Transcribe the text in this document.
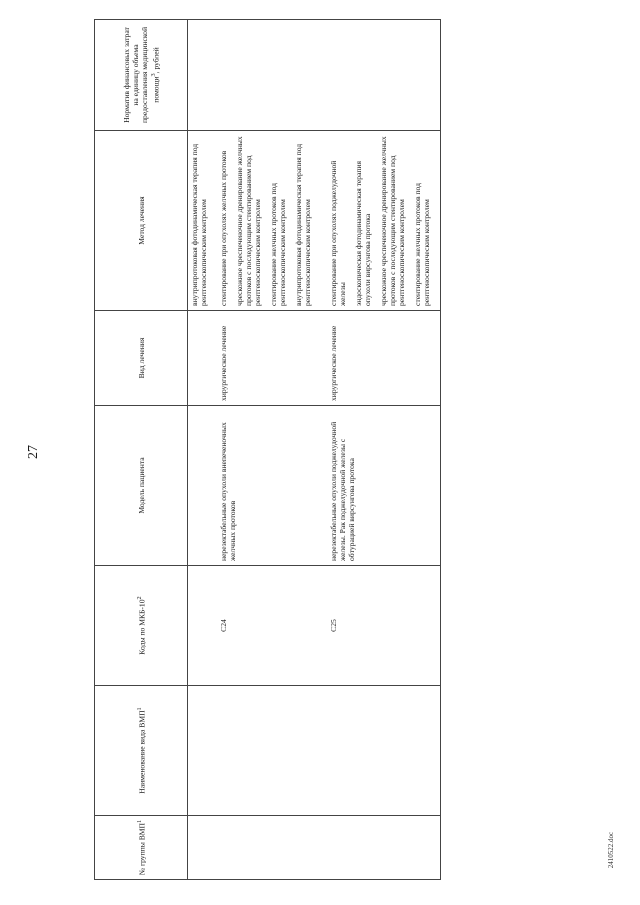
27
2410522.doc
№ группы ВМП$^1$	Наименование вида ВМП$^1$	Коды по МКБ-$10^2$	Модель пациента	Вид лечения	Метод лечения	Норматив финансовых затрат на единицу объема предоставления медицинской помощи$^3$, рублей

					внутрипротоковая фотодинамическая терапия под рентгеноскопическим контролем	

		C24	нерезектабельные опухоли внепеченочных желчных протоков	хирургическое лечение	стентирование при опухолях желчных протоков чрескожное чреспеченочное дренирование желчных протоков с последующим стентированием под рентгеноскопическим контролем стентирование желчных протоков под рентгеноскопическим контролем внутрипротоковая фотодинамическая терапия под рентгеноскопическим контролем	

		C25	нерезектабельные опухоли поджелудочной железы. Рак поджелудочной железы с обтурацией вирсунгова протока	хирургическое лечение	стентирование при опухолях поджелудочной железы эндоскопическая фотодинамическая терапия опухоли вирсунгова протока чрескожное чреспеченочное дренирование желчных протоков с последующим стентированием под рентгеноскопическим контролем стентирование желчных протоков под рентгеноскопическим контролем	
